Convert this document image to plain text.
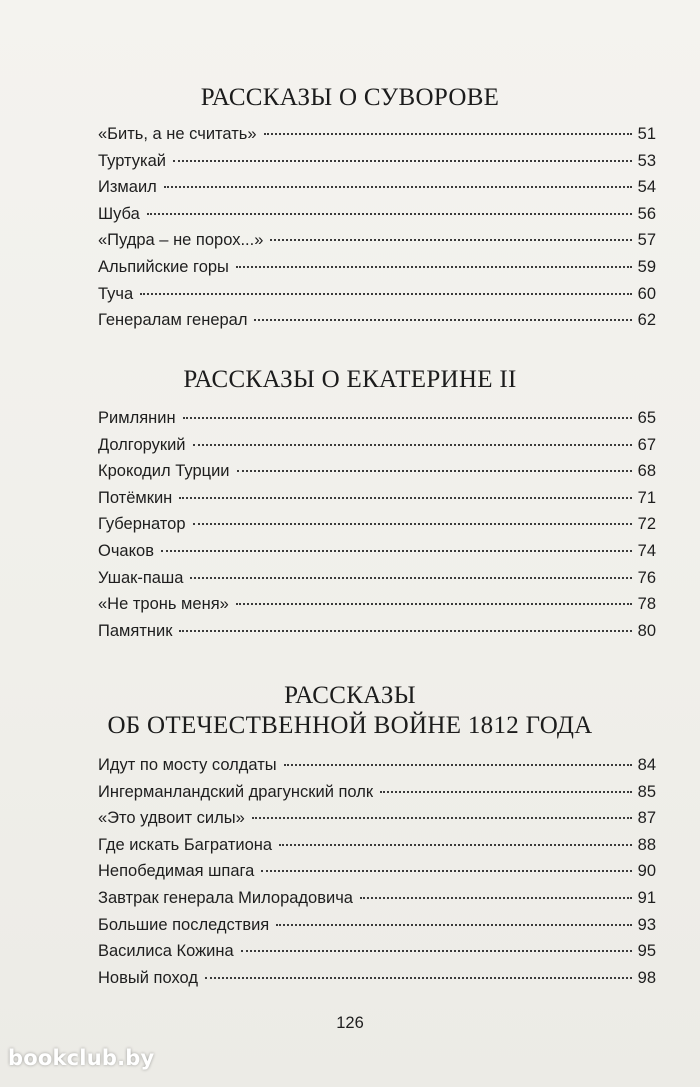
РАССКАЗЫ О СУВОРОВЕ
«Бить, а не считать»	51
Туртукай	53
Измаил	54
Шуба	56
«Пудра – не порох...»	57
Альпийские горы	59
Туча	60
Генералам генерал	62
РАССКАЗЫ О ЕКАТЕРИНЕ II
Римлянин	65
Долгорукий	67
Крокодил Турции	68
Потёмкин	71
Губернатор	72
Очаков	74
Ушак-паша	76
«Не тронь меня»	78
Памятник	80
РАССКАЗЫ
ОБ ОТЕЧЕСТВЕННОЙ ВОЙНЕ 1812 ГОДА
Идут по мосту солдаты	84
Ингерманландский драгунский полк	85
«Это удвоит силы»	87
Где искать Багратиона	88
Непобедимая шпага	90
Завтрак генерала Милорадовича	91
Большие последствия	93
Василиса Кожина	95
Новый поход	98
126
bookclub.by
